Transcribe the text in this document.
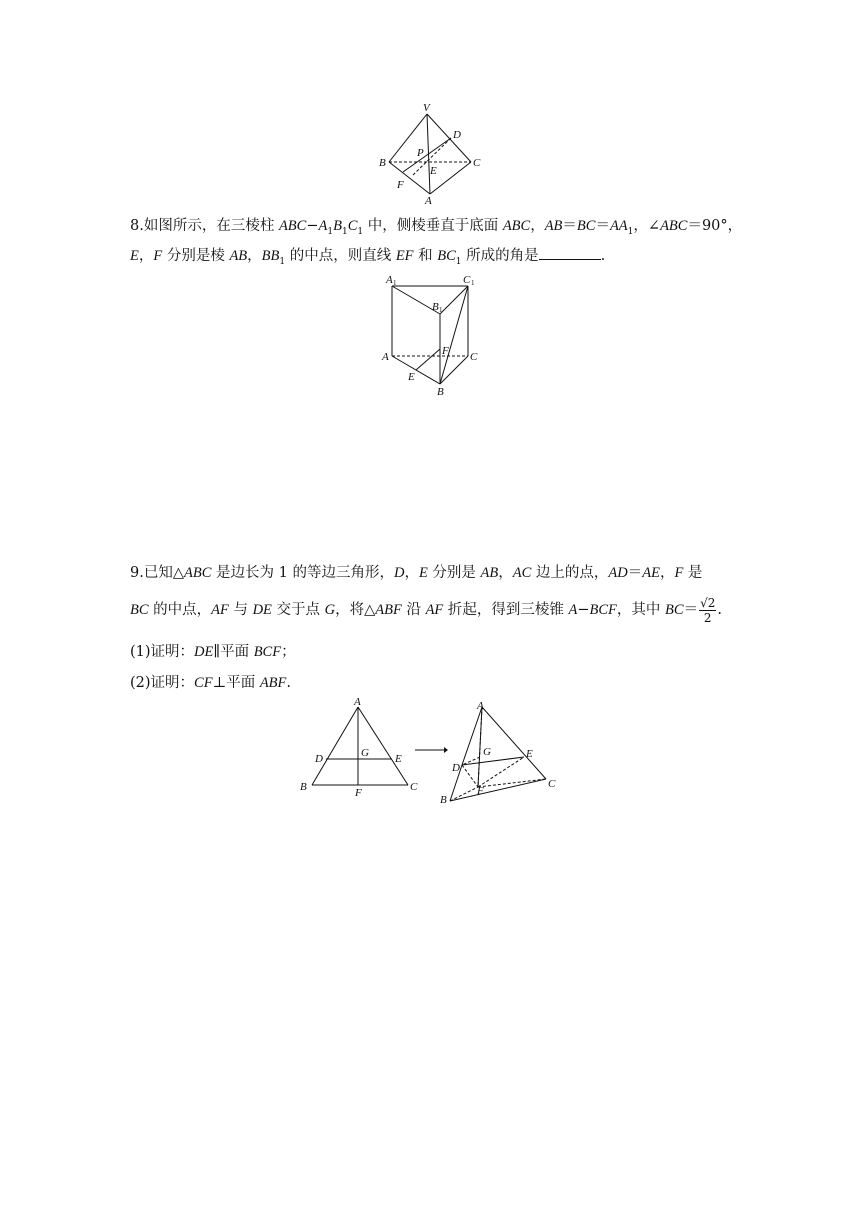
V
D
B
P
C
E
F
A
8.如图所示，在三棱柱 $ABC-A_1B_1C_1$ 中，侧棱垂直于底面 ABC，$AB=BC=AA_1$，∠ABC＝90°，
E，F 分别是棱 AB，$BB_1$ 的中点，则直线 EF 和 $BC_1$ 所成的角是	.
A 1	C 1
B 1
A	F C
E
B
9.已知△ABC 是边长为 1 的等边三角形，D，E 分别是 AB，AC 边上的点，AD＝AE，F 是
BC 的中点，AF 与 DE 交于点 G，将△ABF 沿 AF 折起，得到三棱锥 A−BCF，其中 $BC= \frac{√2}{2}$ .
(1)证明：DE∥平面 BCF；
(2)证明：CF⊥平面 ABF.
A
D	G E
B	F	C
A
G	E
D
F
C
B
